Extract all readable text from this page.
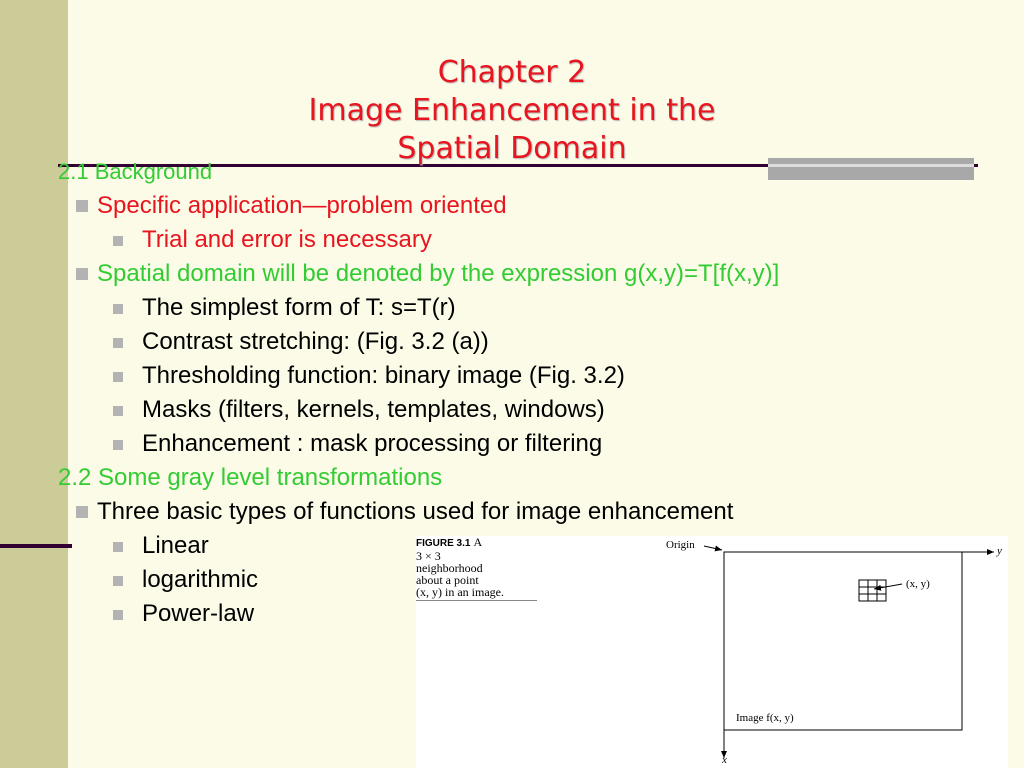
Chapter 2
Image Enhancement in the
Spatial Domain
2.1 Background
Specific application—problem oriented
Trial and error is necessary
Spatial domain will be denoted by the expression g(x,y)=T[f(x,y)]
The simplest form of T: s=T(r)
Contrast stretching: (Fig. 3.2 (a))
Thresholding function: binary image (Fig. 3.2)
Masks (filters, kernels, templates, windows)
Enhancement : mask processing or filtering
2.2 Some gray level transformations
Three basic types of functions used for image enhancement
Linear
logarithmic
Power-law
FIGURE 3.1 A
3 × 3
neighborhood
about a point
(x, y) in an image.
Origin	y
(x, y)
Image f(x, y)
x
